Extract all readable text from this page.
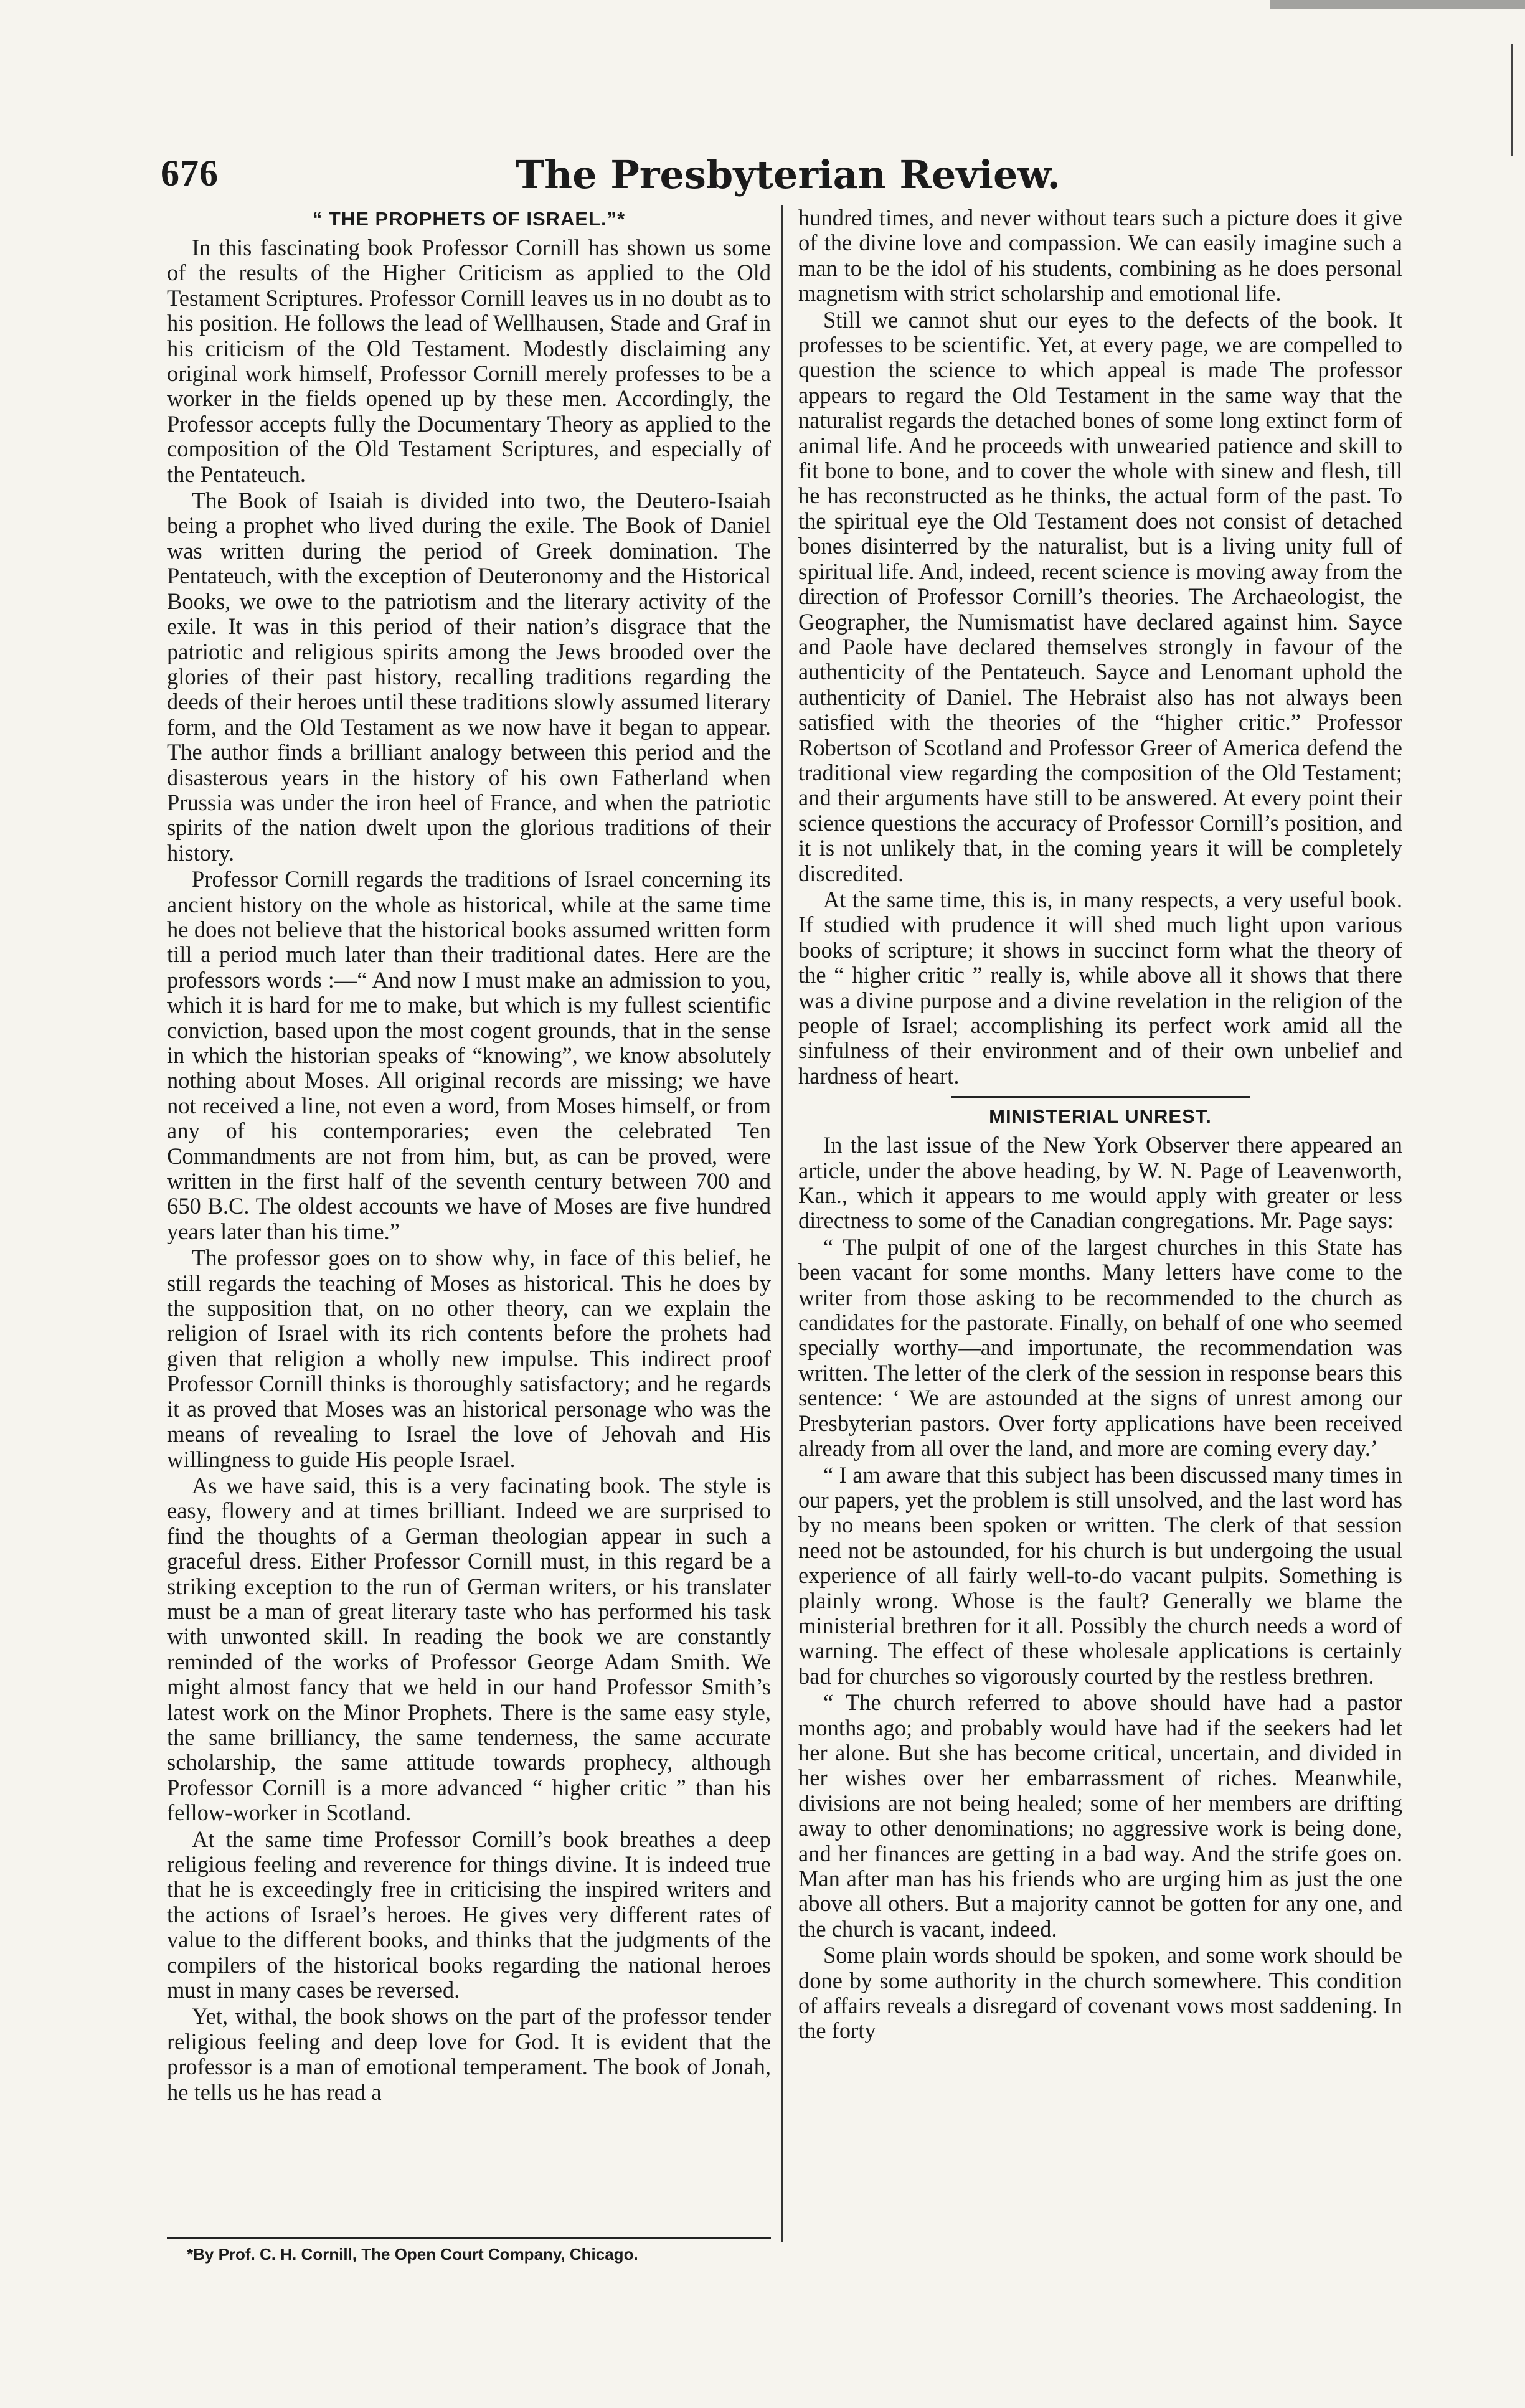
676	The Presbyterian Review.
“ THE PROPHETS OF ISRAEL.”*

In this fascinating book Professor Cornill has shown us some of the results of the Higher Criticism as applied to the Old Testament Scriptures. Professor Cornill leaves us in no doubt as to his position. He follows the lead of Wellhausen, Stade and Graf in his criticism of the Old Testament. Modestly disclaiming any original work himself, Professor Cornill merely professes to be a worker in the fields opened up by these men. Accordingly, the Professor accepts fully the Documentary Theory as applied to the composition of the Old Testament Scriptures, and especially of the Pentateuch.

The Book of Isaiah is divided into two, the Deutero-Isaiah being a prophet who lived during the exile. The Book of Daniel was written during the period of Greek domination. The Pentateuch, with the exception of Deuteronomy and the Historical Books, we owe to the patriotism and the literary activity of the exile. It was in this period of their nation’s disgrace that the patriotic and religious spirits among the Jews brooded over the glories of their past history, recalling traditions regarding the deeds of their heroes until these traditions slowly assumed literary form, and the Old Testament as we now have it began to appear. The author finds a brilliant analogy between this period and the disasterous years in the history of his own Fatherland when Prussia was under the iron heel of France, and when the patriotic spirits of the nation dwelt upon the glorious traditions of their history.

Professor Cornill regards the traditions of Israel concerning its ancient history on the whole as historical, while at the same time he does not believe that the historical books assumed written form till a period much later than their traditional dates. Here are the professors words :—“ And now I must make an admission to you, which it is hard for me to make, but which is my fullest scientific conviction, based upon the most cogent grounds, that in the sense in which the historian speaks of “knowing”, we know absolutely nothing about Moses. All original records are missing; we have not received a line, not even a word, from Moses himself, or from any of his contemporaries; even the celebrated Ten Commandments are not from him, but, as can be proved, were written in the first half of the seventh century between 700 and 650 B.C. The oldest accounts we have of Moses are five hundred years later than his time.”

The professor goes on to show why, in face of this belief, he still regards the teaching of Moses as historical. This he does by the supposition that, on no other theory, can we explain the religion of Israel with its rich contents before the prohets had given that religion a wholly new impulse. This indirect proof Professor Cornill thinks is thoroughly satisfactory; and he regards it as proved that Moses was an historical personage who was the means of revealing to Israel the love of Jehovah and His willingness to guide His people Israel.

As we have said, this is a very facinating book. The style is easy, flowery and at times brilliant. Indeed we are surprised to find the thoughts of a German theologian appear in such a graceful dress. Either Professor Cornill must, in this regard be a striking exception to the run of German writers, or his translater must be a man of great literary taste who has performed his task with unwonted skill. In reading the book we are constantly reminded of the works of Professor George Adam Smith. We might almost fancy that we held in our hand Professor Smith’s latest work on the Minor Prophets. There is the same easy style, the same brilliancy, the same tenderness, the same accurate scholarship, the same attitude towards prophecy, although Professor Cornill is a more advanced “ higher critic ” than his fellow-worker in Scotland.

At the same time Professor Cornill’s book breathes a deep religious feeling and reverence for things divine. It is indeed true that he is exceedingly free in criticising the inspired writers and the actions of Israel’s heroes. He gives very different rates of value to the different books, and thinks that the judgments of the compilers of the historical books regarding the national heroes must in many cases be reversed.

Yet, withal, the book shows on the part of the professor tender religious feeling and deep love for God. It is evident that the professor is a man of emotional temperament. The book of Jonah, he tells us he has read a

hundred times, and never without tears such a picture does it give of the divine love and compassion. We can easily imagine such a man to be the idol of his students, combining as he does personal magnetism with strict scholarship and emotional life.

Still we cannot shut our eyes to the defects of the book. It professes to be scientific. Yet, at every page, we are compelled to question the science to which appeal is made The professor appears to regard the Old Testament in the same way that the naturalist regards the detached bones of some long extinct form of animal life. And he proceeds with unwearied patience and skill to fit bone to bone, and to cover the whole with sinew and flesh, till he has reconstructed as he thinks, the actual form of the past. To the spiritual eye the Old Testament does not consist of detached bones disinterred by the naturalist, but is a living unity full of spiritual life. And, indeed, recent science is moving away from the direction of Professor Cornill’s theories. The Archaeologist, the Geographer, the Numismatist have declared against him. Sayce and Paole have declared themselves strongly in favour of the authenticity of the Pentateuch. Sayce and Lenomant uphold the authenticity of Daniel. The Hebraist also has not always been satisfied with the theories of the “higher critic.” Professor Robertson of Scotland and Professor Greer of America defend the traditional view regarding the composition of the Old Testament; and their arguments have still to be answered. At every point their science questions the accuracy of Professor Cornill’s position, and it is not unlikely that, in the coming years it will be completely discredited.

At the same time, this is, in many respects, a very useful book. If studied with prudence it will shed much light upon various books of scripture; it shows in succinct form what the theory of the “ higher critic ” really is, while above all it shows that there was a divine purpose and a divine revelation in the religion of the people of Israel; accomplishing its perfect work amid all the sinfulness of their environment and of their own unbelief and hardness of heart.

MINISTERIAL UNREST.

In the last issue of the New York Observer there appeared an article, under the above heading, by W. N. Page of Leavenworth, Kan., which it appears to me would apply with greater or less directness to some of the Canadian congregations. Mr. Page says:

“ The pulpit of one of the largest churches in this State has been vacant for some months. Many letters have come to the writer from those asking to be recommended to the church as candidates for the pastorate. Finally, on behalf of one who seemed specially worthy—and importunate, the recommendation was written. The letter of the clerk of the session in response bears this sentence: ‘ We are astounded at the signs of unrest among our Presbyterian pastors. Over forty applications have been received already from all over the land, and more are coming every day.’

“ I am aware that this subject has been discussed many times in our papers, yet the problem is still unsolved, and the last word has by no means been spoken or written. The clerk of that session need not be astounded, for his church is but undergoing the usual experience of all fairly well-to-do vacant pulpits. Something is plainly wrong. Whose is the fault? Generally we blame the ministerial brethren for it all. Possibly the church needs a word of warning. The effect of these wholesale applications is certainly bad for churches so vigorously courted by the restless brethren.

“ The church referred to above should have had a pastor months ago; and probably would have had if the seekers had let her alone. But she has become critical, uncertain, and divided in her wishes over her embarrassment of riches. Meanwhile, divisions are not being healed; some of her members are drifting away to other denominations; no aggressive work is being done, and her finances are getting in a bad way. And the strife goes on. Man after man has his friends who are urging him as just the one above all others. But a majority cannot be gotten for any one, and the church is vacant, indeed.

Some plain words should be spoken, and some work should be done by some authority in the church somewhere. This condition of affairs reveals a disregard of covenant vows most saddening. In the forty

*By Prof. C. H. Cornill, The Open Court Company, Chicago.
